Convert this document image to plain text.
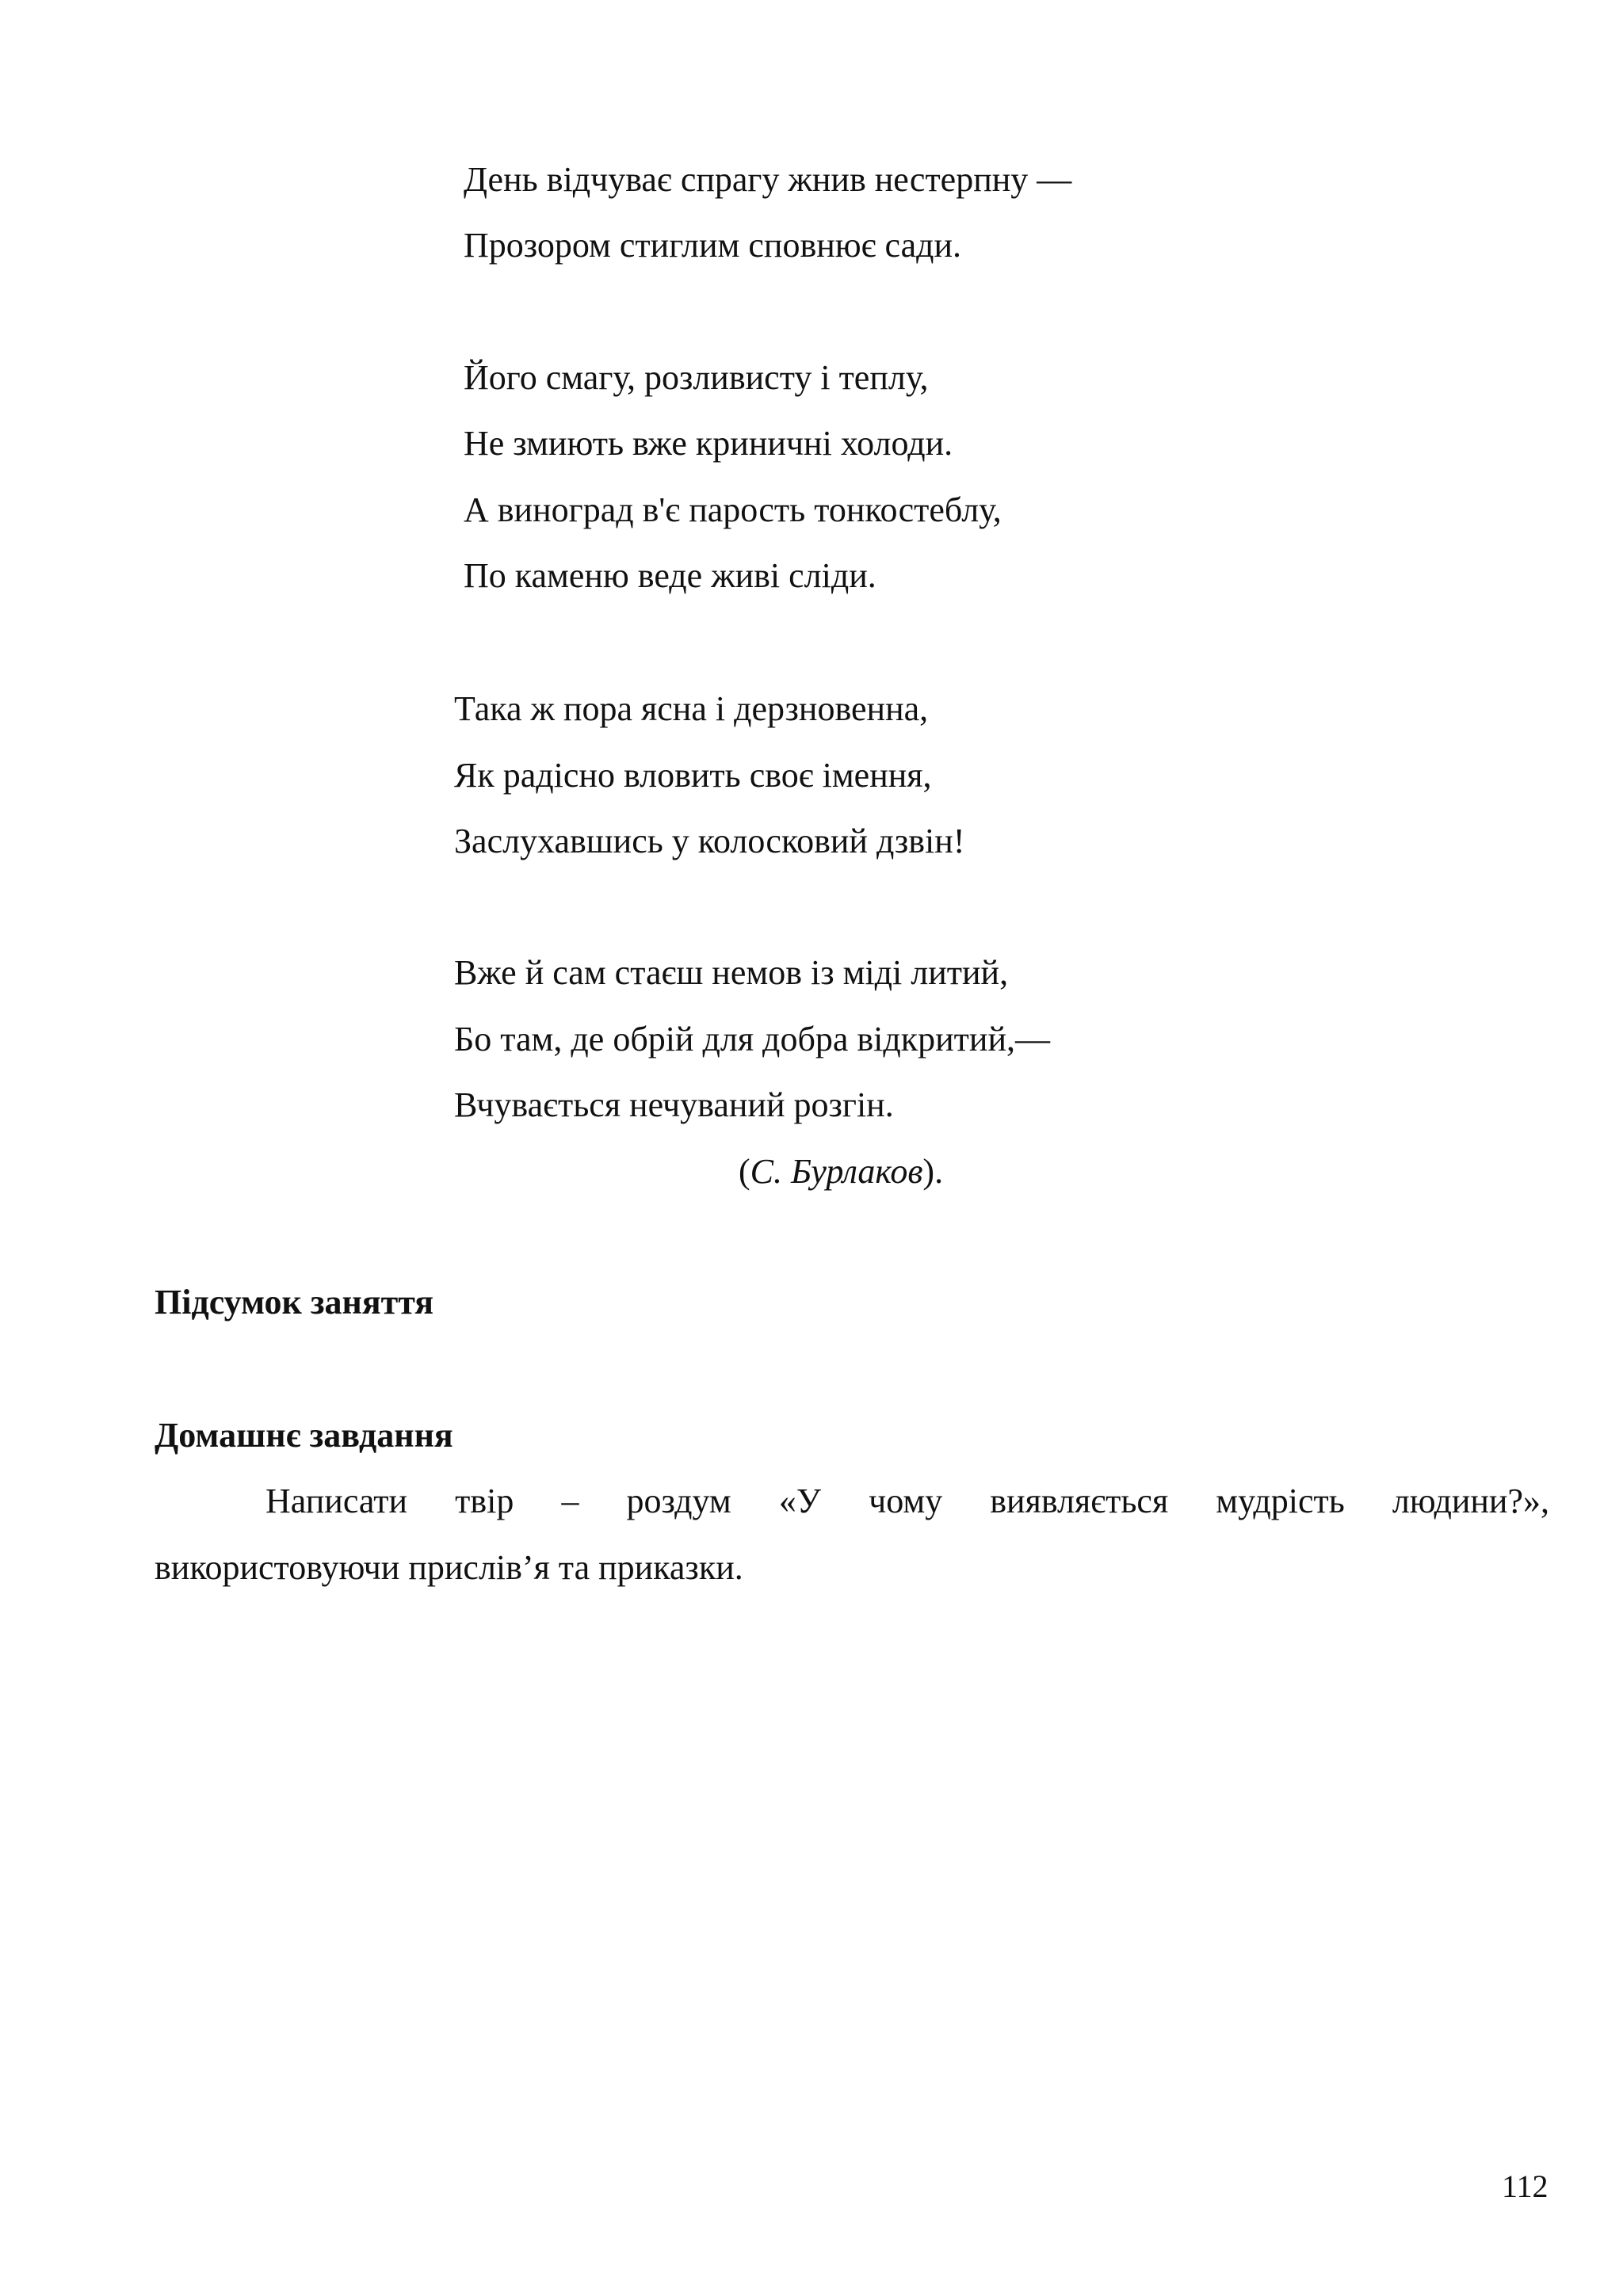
День відчуває спрагу жнив нестерпну —
Прозором стиглим сповнює сади.
Його смагу, розливисту і теплу,
Не змиють вже криничні холоди.
А виноград в'є парость тонкостеблу,
По каменю веде живі сліди.
Така ж пора ясна і дерзновенна,
Як радісно вловить своє імення,
Заслухавшись у колосковий дзвін!
Вже й сам стаєш немов із міді литий,
Бо там, де обрій для добра відкритий,—
Вчувається нечуваний розгін.
(С. Бурлаков).
Підсумок заняття
Домашнє завдання
Написати твір – роздум «У чому виявляється мудрість людини?»,
використовуючи прислів’я та приказки.
112
